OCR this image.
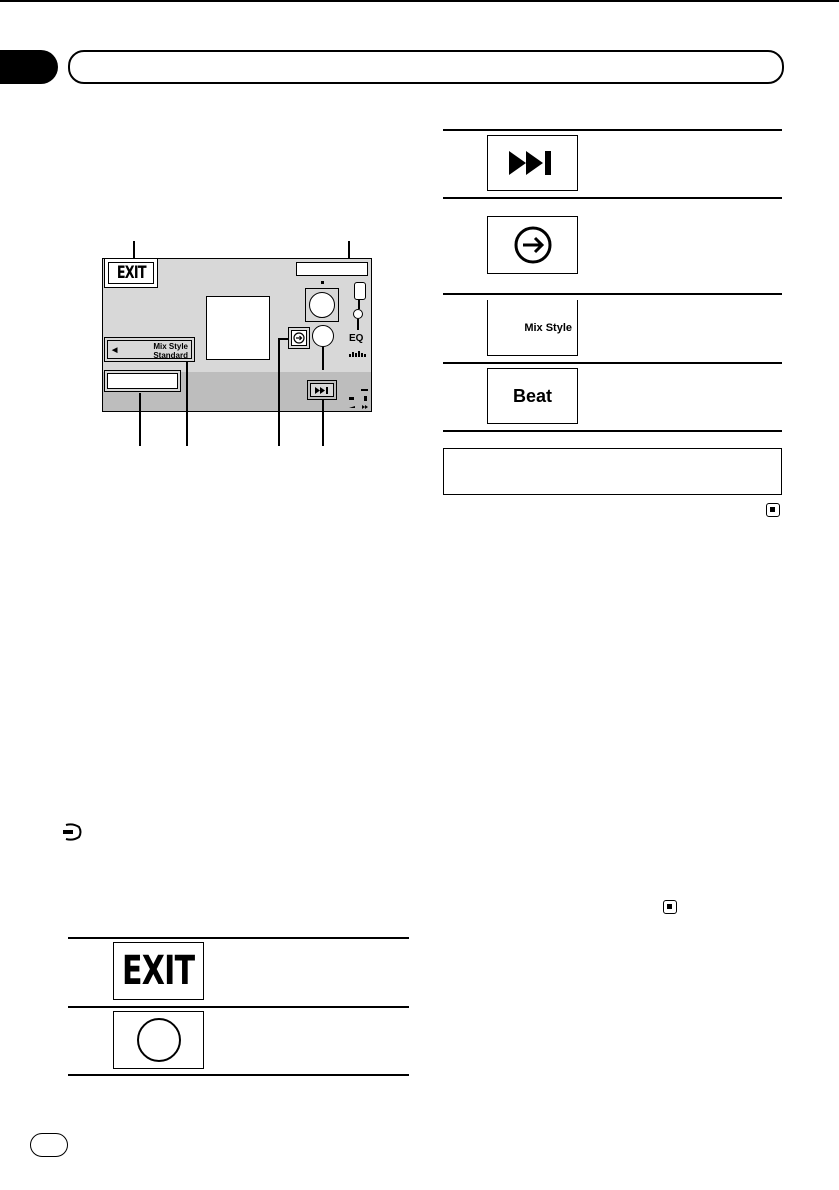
EXIT
EQ
◀	Mix Style
Standard
Mix Style
Beat
EXIT
